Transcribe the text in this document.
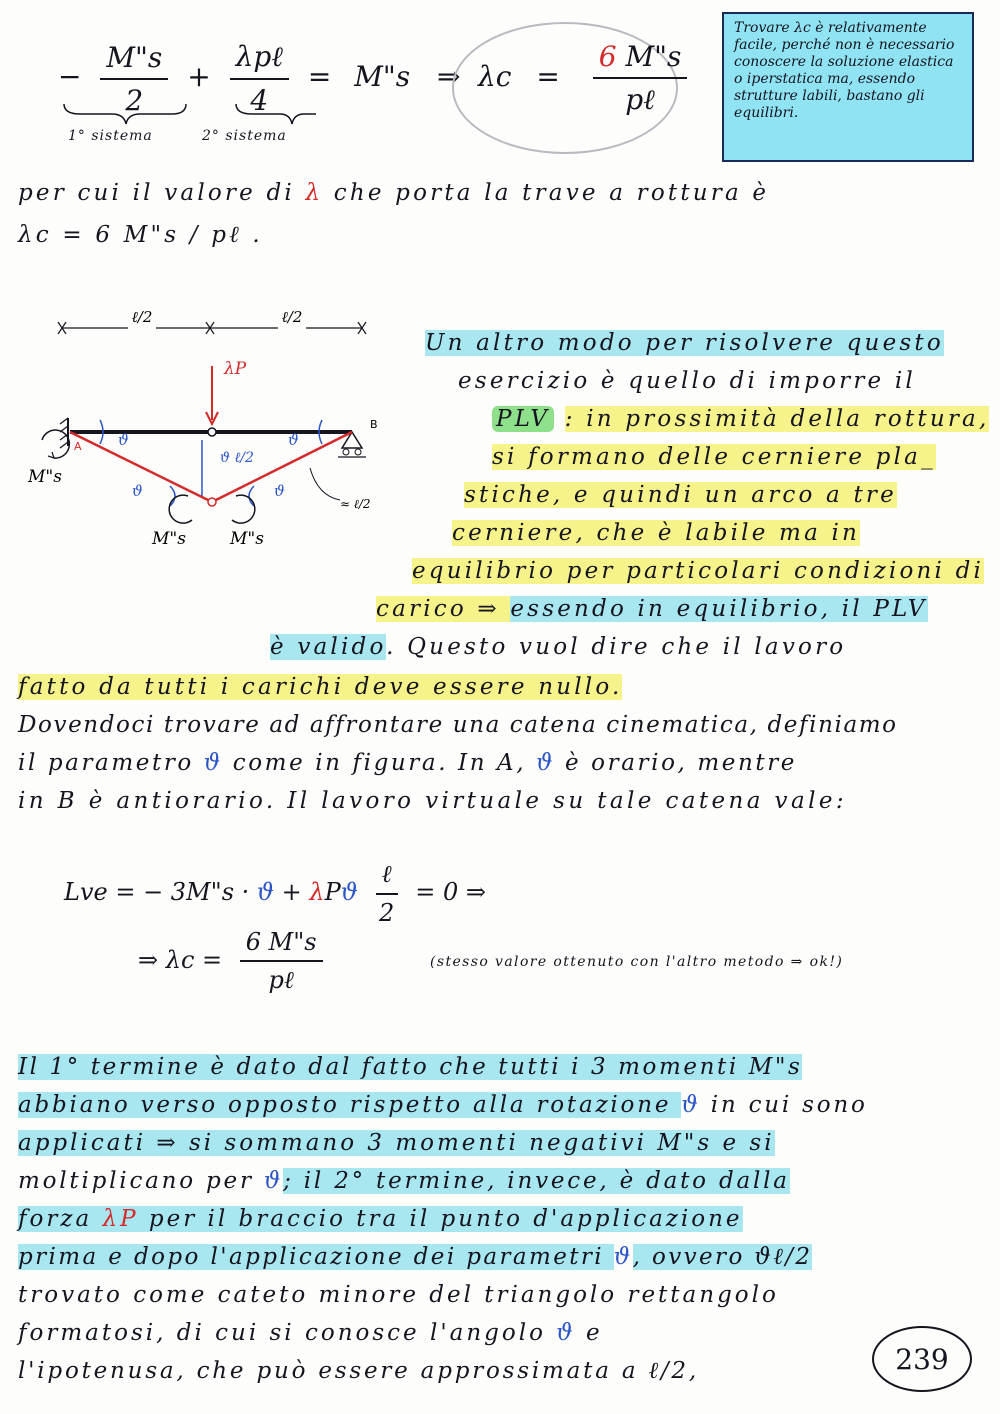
− $\frac{M"s}{2} + \frac{\text{λpℓ}}{4}$ = M"s ⇒ $\lambda c = \frac{6 M"s}{\text{pℓ}}$
1° sistema	2° sistema
Trovare λc è relativamente facile, perché non è necessario conoscere la soluzione elastica o iperstatica ma, essendo strutture labili, bastano gli equilibri.
per cui il valore di λ che porta la trave a rottura è
λc = 6 M"s / pℓ .
ℓ/2	ℓ/2
λP
B
A
ϑ ℓ/2
ϑ	ϑ
ϑ	ϑ
M"s
M"s	M"s
≈ ℓ/2
Un altro modo per risolvere questo
esercizio è quello di imporre il
PLV : in prossimità della rottura,
si formano delle cerniere pla_
stiche, e quindi un arco a tre
cerniere, che è labile ma in
equilibrio per particolari condizioni di
carico ⇒ essendo in equilibrio, il PLV
è valido. Questo vuol dire che il lavoro
fatto da tutti i carichi deve essere nullo.
Dovendoci trovare ad affrontare una catena cinematica, definiamo
il parametro ϑ come in figura. In A, ϑ è orario, mentre
in B è antiorario. Il lavoro virtuale su tale catena vale:
Lve = − 3M"s · ϑ + λPϑ $\frac{\text{ℓ}}{2} = 0$ ⇒
⇒ $\lambda c = \frac{6 M"s}{\text{pℓ}}$	(stesso valore ottenuto con l'altro metodo ⇒ ok!)
Il 1° termine è dato dal fatto che tutti i 3 momenti M"s
abbiano verso opposto rispetto alla rotazione ϑ in cui sono
applicati ⇒ si sommano 3 momenti negativi M"s e si
moltiplicano per ϑ; il 2° termine, invece, è dato dalla
forza λP per il braccio tra il punto d'applicazione
prima e dopo l'applicazione dei parametri ϑ, ovvero ϑℓ/2
trovato come cateto minore del triangolo rettangolo
formatosi, di cui si conosce l'angolo ϑ e
l'ipotenusa, che può essere approssimata a ℓ/2,	239
